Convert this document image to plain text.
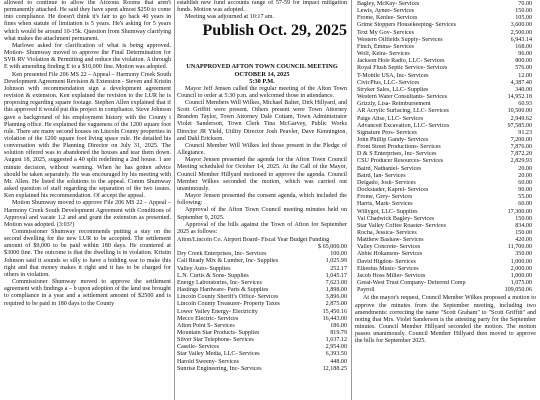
allowed to continue to allow the Airzona Rooms that aren't permanently attached. He said they have spent almost $250 to come into compliance. He doesn't think it's fair to go back 40 years in fines when statute of limitation is 5 years. He's asking for 5 years which would be around 10-15k. Question from Shumway clarifying what makes the attachment permanent.

Marlowe asked for clarification of what is being approved. Motion- Shumway moved to approve the Final Determination for SVR RV Violation & Permitting and reduce the violation. A through E with amending finding E to a $10,000 fine. Motion was adopted.

Ken presented File 206 MS 22 – Appeal – Harmony Creek South Development Agreement Revision & Extension - Steven and Kristin Johnson with recommendation sign a development agreement revision & extension. Ken explained the revision to the LUR he is proposing regarding square footage. Stephen Allen explained that if this approved it would put this project in compliance. Steve Johnson gave a background of his employment history with the County t Planning office. He explained the vagueness of the 1200 square foot rule. There are many second houses on Lincoln County properties in violation of the 1200 square foot living space rule. He detailed his conversation with the Planning Director on July 31, 2025. The solution offered was to abandoned the houses and tear them down. August 18, 2025, suggested a 40 split redefining a 2nd house. 1 are minute decision, without warning. When he has gotten advice should be taken separately. He was encouraged by his meeting with Mr. Allen. He listed the solutions to the appeal. Comm Shumway asked question of staff regarding the separation of the two issues. Ken explained his recommendation. Of accept the appeal.

Motion Shumway moved to approve File 206 MS 22 – Appeal – Harmony Creek South Development Agreement with Conditions of Approval and vacate 1.2 and and grant the extension as presented. Motion was adopted. (3:03?)

Commissioner Shumway recommends putting a stay on the second dwelling for the new LUR to be accepted. The settlement amount of $9,000 to be paid within 180 days. He countered at $3000 fine. The outcome is that the dwelling is in violation. Kristin Johnson said it sounds so silly to have a bidding war to make this right and that money makes it right and it has to be charged for others in violation.

Commissioner Shumway moved to approve the settlement agreement with findings a – b upon adoption of the land use brought to compliance in a year and a settlement amount of $2500 and is required to be paid in 180 days to the County

establish new fund accounts range of 57-59 for impact mitigation funds. Motion was adopted.

Meeting was adjourned at 10:17 am.

Publish Oct. 29, 2025

UNAPPROVED AFTON TOWN COUNCIL MEETING

OCTOBER 14, 2025

5:30 P.M.

Mayor Jeff Jensen called the regular meeting of the Afton Town Council to order at 5:30 p.m. and welcomed those in attendance.

Council Members Will Wilkes, Michael Balter, Dirk Hillyard, and Scott Griffitt were present. Others present were Town Attorney Brandon Taylor, Town Attorney Dale Cottam, Town Administrator Violet Sanderson, Town Clerk Tina McGarvey, Public Works Director JR Yield, Utility Director Josh Peavler, Dave Kennington, and Dahl Erickson.

Council Member Will Wilkes led those present in the Pledge of Allegiance.

Mayor Jensen presented the agenda for the Afton Town Council Meeting scheduled for October 14, 2025. At the Call of the Mayor, Council Member Hillyard motioned to approve the agenda. Council Member Wilkes seconded the motion, which was carried out unanimously.

Mayor Jensen presented the consent agenda, which included the following:

Approval of the Afton Town Council meeting minutes held on September 9, 2025.

Approval of the bills against the Town of Afton for September 2025 as follows:

Afton/Lincoln Co. Airport Board- Fiscal Year Budget Funding
$ 65,000.00
Dry Creek Enterprises, Inc- Services	100.00
Call Ready Mix & Lumber, Inc- Supplies	1,025.99
Valley Auto- Supplies	252.17
L.N. Curtis & Sons- Supplies	1,045.17
Energy Laboratories, Inc- Services	7,623.00
Hastings Hardware- Parts & Supplies	1,898.00
Lincoln County Sheriff's Office- Services	3,896.00
Lincoln County Treasurer- Property Taxes	2,875.00
Lower Valley Energy- Electricity	15,450.16
Mecco Electric- Services	16,443.00
Afton Point S- Services	186.00
Mountain Star Products- Supplies	819.79
Silver Star Telephone- Services	1,637.12
Caselle- Services	2,954.00
Star Valley Media, LLC- Services	6,393.50
Harold Sweeny- Services	448.00
Sunrise Engineering, Inc- Services	12,188.25
Bagley, McKay- Services	70.00
Lewis, Aynee- Services	150.00
Frome, Kenlee- Services	105.00
Grime Stoppers Housekeeping- Services	3,600.00
Text My Gov- Services	2,500.00
Western Oilfields Supply- Services	6,943.14
Finch, Emma- Services	168.00
Wolf, Keira- Services	96.00
Jackson Hole Radio, LLC- Services	800.00
Royal Flush Septic Service- Services	576.00
T-Mobile USA, Inc- Services	12.00
CivicPlus, LLC- Services	4,387.40
Stryker Sales, LLC- Supplies	340.00
Western Water Consultants- Services	14,952.18
Grizzly, Lisa- Reimbursement	60.93
AR Acrylic Surfacing, LLC- Services	10,500.00
Paige Alise, LLC- Services	2,949.62
Advanced Excavation, LLC- Services	97,585.00
Signature Pros- Services	91.23
John Phillip Gandy- Services	7,200.00
Front Street Productions- Services	7,876.00
D & S Enterprises, Inc- Services	7,872.20
CSU Producer Resources- Services	2,829.93
Baird, Nathaniel- Services	20.00
Baird, Ian- Services	20.00
Delgado, Josh- Services	60.00
Dockstader, Kaprel- Services	90.00
Frome, Grey- Services	55.00
Harris, Mark- Services	60.00
Willygot, LLC- Supplies	17,300.00
Val Chadwick Bagley- Services	150.00
Star Valley Coffee Roaster- Services	834.00
Rocha, Jessica- Services	150.00
Matthew Bashaw- Services	420.00
Valley Concrete- Services	11,700.00
Abbie Hokanson- Services	350.00
David Higdon- Services	1,000.00
Elkestus Music- Services	2,000.00
Jacob Hoss Miller- Services	1,000.00
Great-West Trust Company- Deferred Comp	1,075.00
Payroll	109,050.06

At the mayor's request, Council Member Wilkes proposed a motion to approve the minutes from the September meeting, including two amendments: correcting the name "Scott Graham" to "Scott Griffitt" and noting that Mrs. Violet Sanderson is the attesting party for the September minutes. Council Member Hillyard seconded the motion. The motion passes unanimously. Council Member Hillyard then moved to approve the bills for September 2025.
